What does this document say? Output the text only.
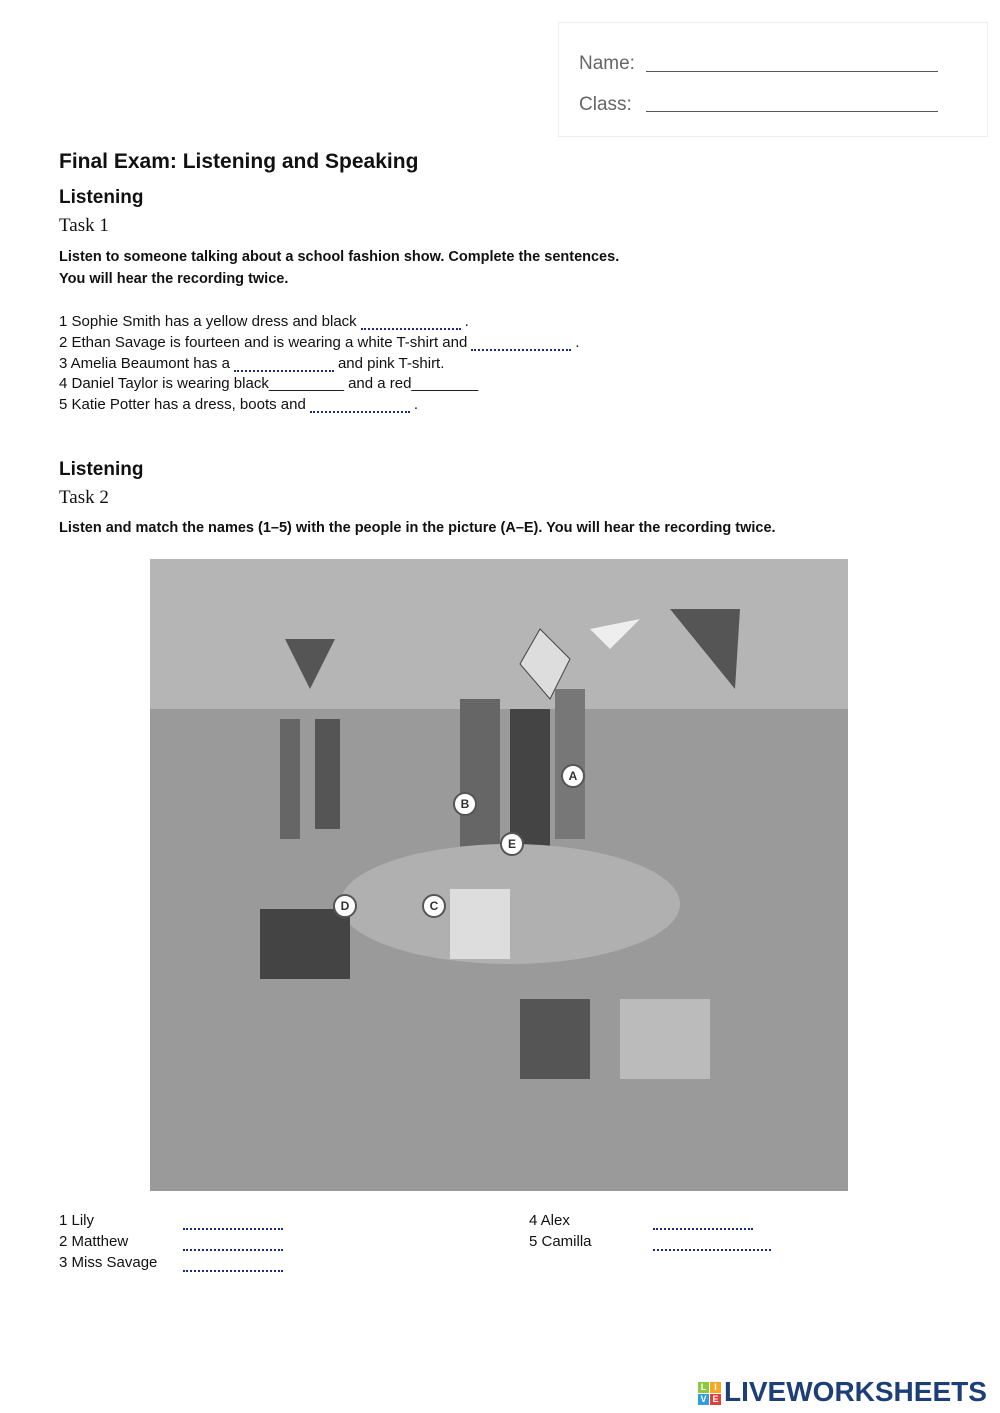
Name:
Class:
Final Exam: Listening and Speaking
Listening
Task 1
Listen to someone talking about a school fashion show. Complete the sentences.
You will hear the recording twice.
1 Sophie Smith has a yellow dress and black	.
2 Ethan Savage is fourteen and is wearing a white T-shirt and	.
3 Amelia Beaumont has a	and pink T-shirt.
4 Daniel Taylor is wearing black_________ and a red________
5 Katie Potter has a dress, boots and	.
Listening
Task 2
Listen and match the names (1–5) with the people in the picture (A–E). You will hear the recording twice.
A
B
C
D
E
1 Lily
2 Matthew
3 Miss Savage
4 Alex
5 Camilla
L I
V E LIVEWORKSHEETS
